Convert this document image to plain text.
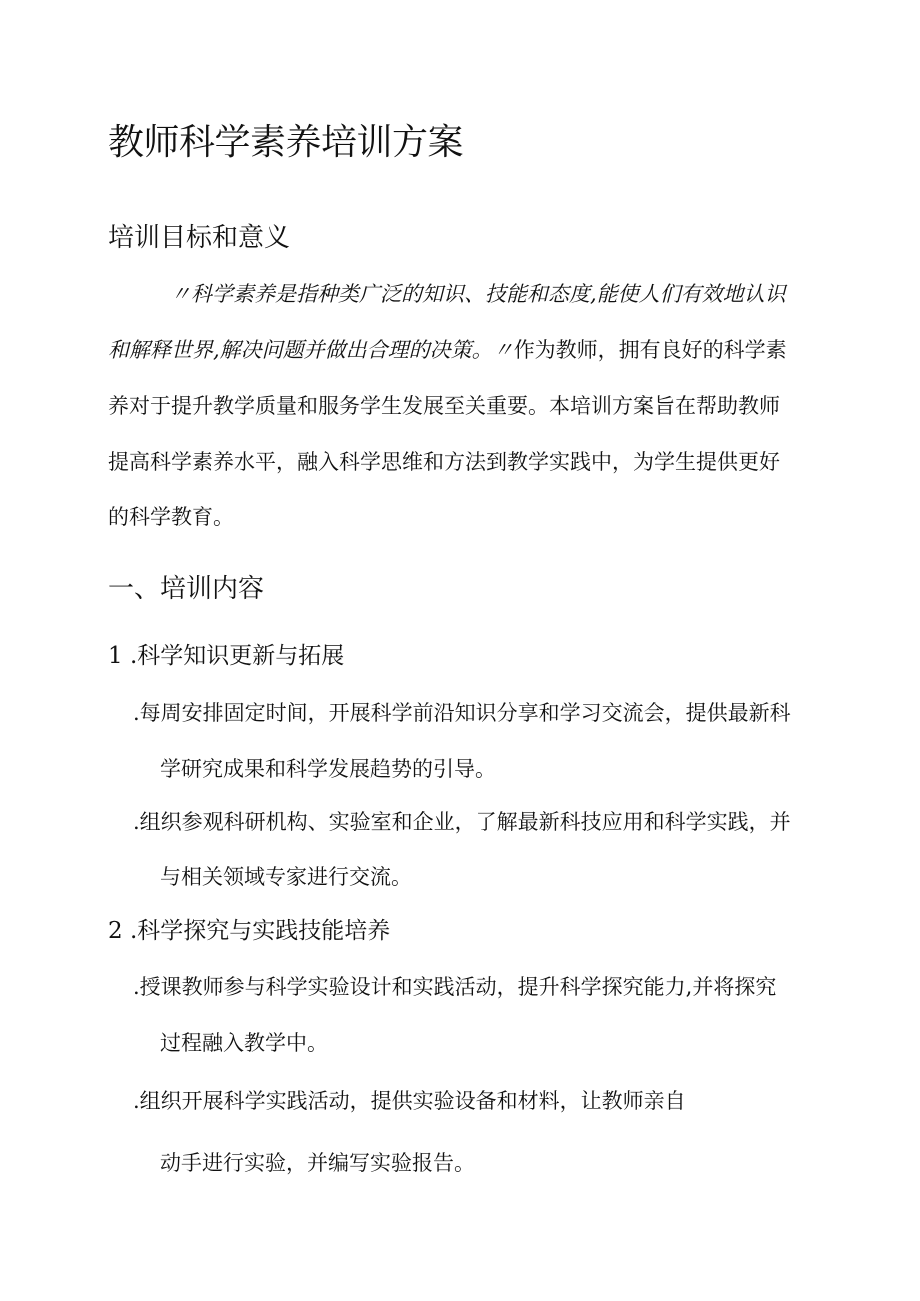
教师科学素养培训方案
培训目标和意义

〃科学素养是指种类广泛的知识、技能和态度,能使人们有效地认识

和解释世界,解决问题并做出合理的决策。〃作为教师，拥有良好的科学素

养对于提升教学质量和服务学生发展至关重要。本培训方案旨在帮助教师

提高科学素养水平，融入科学思维和方法到教学实践中，为学生提供更好

的科学教育。

一、培训内容

1 .科学知识更新与拓展

.每周安排固定时间，开展科学前沿知识分享和学习交流会，提供最新科

学研究成果和科学发展趋势的引导。

.组织参观科研机构、实验室和企业，了解最新科技应用和科学实践，并

与相关领域专家进行交流。

2 .科学探究与实践技能培养

.授课教师参与科学实验设计和实践活动，提升科学探究能力,并将探究

过程融入教学中。

.组织开展科学实践活动，提供实验设备和材料，让教师亲自

动手进行实验，并编写实验报告。
